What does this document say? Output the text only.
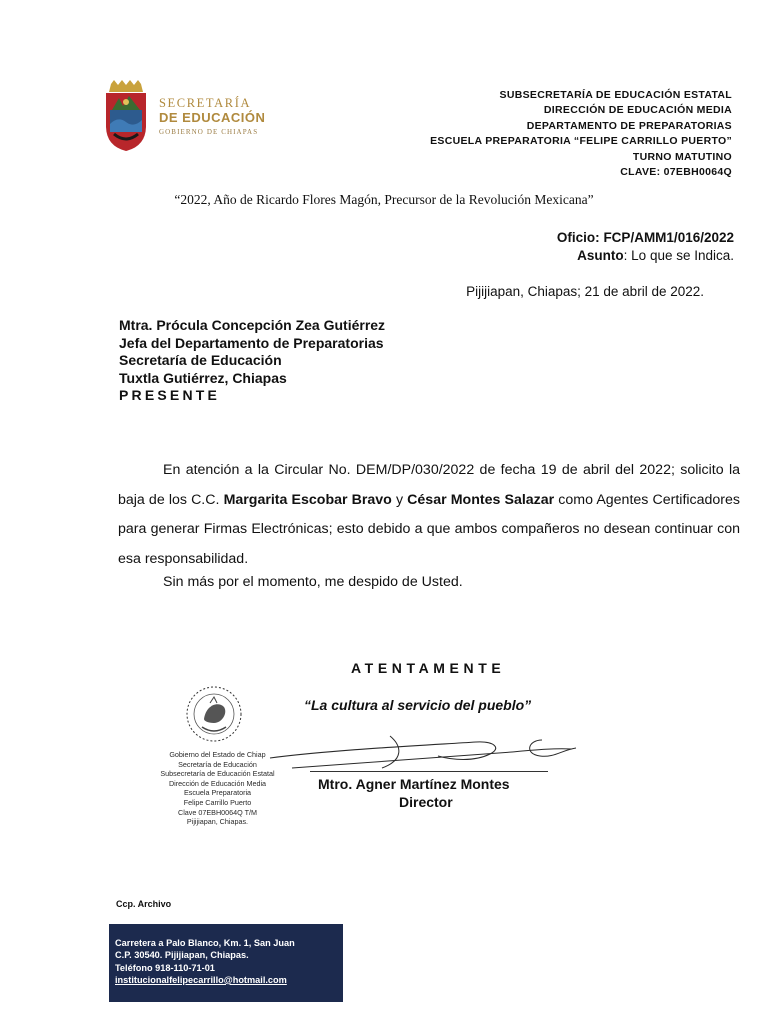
SECRETARÍA
DE EDUCACIÓN
GOBIERNO DE CHIAPAS
SUBSECRETARÍA DE EDUCACIÓN ESTATAL
DIRECCIÓN DE EDUCACIÓN MEDIA
DEPARTAMENTO DE PREPARATORIAS
ESCUELA PREPARATORIA “FELIPE CARRILLO PUERTO”
TURNO MATUTINO
CLAVE: 07EBH0064Q
“2022, Año de Ricardo Flores Magón, Precursor de la Revolución Mexicana”
Oficio: FCP/AMM1/016/2022
Asunto: Lo que se Indica.
Pijijiapan, Chiapas; 21 de abril de 2022.
Mtra. Prócula Concepción Zea Gutiérrez
Jefa del Departamento de Preparatorias
Secretaría de Educación
Tuxtla Gutiérrez, Chiapas
PRESENTE

En atención a la Circular No. DEM/DP/030/2022 de fecha 19 de abril del 2022; solicito la baja de los C.C. Margarita Escobar Bravo y César Montes Salazar como Agentes Certificadores para generar Firmas Electrónicas; esto debido a que ambos compañeros no desean continuar con esa responsabilidad.

Sin más por el momento, me despido de Usted.
ATENTAMENTE
“La cultura al servicio del pueblo”
Mtro. Agner Martínez Montes
Director
Gobierno del Estado de Chiap
Secretaría de Educación
Subsecretaría de Educación Estatal
Dirección de Educación Media
Escuela Preparatoria
Felipe Carrillo Puerto
Clave 07EBH0064Q T/M
Pijijiapan, Chiapas.
Ccp. Archivo
Carretera a Palo Blanco, Km. 1, San Juan
C.P. 30540. Pijijiapan, Chiapas.
Teléfono 918-110-71-01
institucionalfelipecarrillo@hotmail.com
